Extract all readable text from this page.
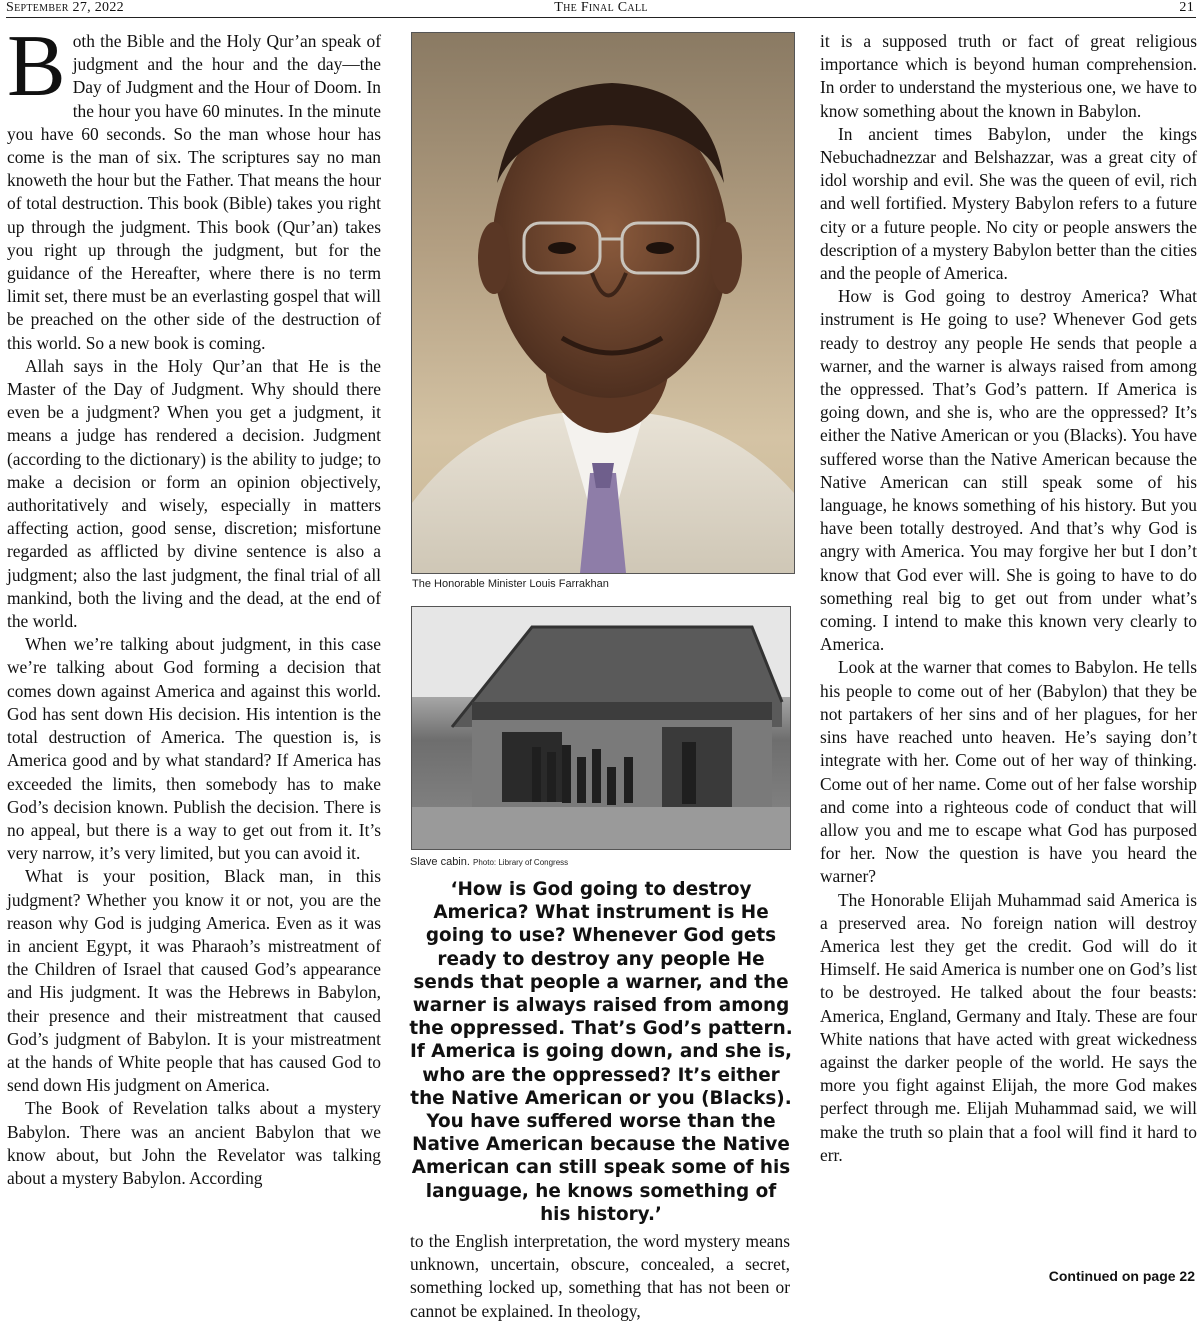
September 27, 2022	The Final Call	21

Both the Bible and the Holy Qur’an speak of judgment and the hour and the day—the Day of Judgment and the Hour of Doom. In the hour you have 60 minutes. In the minute you have 60 seconds. So the man whose hour has come is the man of six. The scriptures say no man knoweth the hour but the Father. That means the hour of total destruction. This book (Bible) takes you right up through the judgment. This book (Qur’an) takes you right up through the judgment, but for the guidance of the Hereafter, where there is no term limit set, there must be an everlasting gospel that will be preached on the other side of the destruction of this world. So a new book is coming.

Allah says in the Holy Qur’an that He is the Master of the Day of Judgment. Why should there even be a judgment? When you get a judgment, it means a judge has rendered a decision. Judgment (according to the dictionary) is the ability to judge; to make a decision or form an opinion objectively, authoritatively and wisely, especially in matters affecting action, good sense, discretion; misfortune regarded as afflicted by divine sentence is also a judgment; also the last judgment, the final trial of all mankind, both the living and the dead, at the end of the world.

When we’re talking about judgment, in this case we’re talking about God forming a decision that comes down against America and against this world. God has sent down His decision. His intention is the total destruction of America. The question is, is America good and by what standard? If America has exceeded the limits, then somebody has to make God’s decision known. Publish the decision. There is no appeal, but there is a way to get out from it. It’s very narrow, it’s very limited, but you can avoid it.

What is your position, Black man, in this judgment? Whether you know it or not, you are the reason why God is judging America. Even as it was in ancient Egypt, it was Pharaoh’s mistreatment of the Children of Israel that caused God’s appearance and His judgment. It was the Hebrews in Babylon, their presence and their mistreatment that caused God’s judgment of Babylon. It is your mistreatment at the hands of White people that has caused God to send down His judgment on America.

The Book of Revelation talks about a mystery Babylon. There was an ancient Babylon that we know about, but John the Revelator was talking about a mystery Babylon. According

The Honorable Minister Louis Farrakhan
Slave cabin. Photo: Library of Congress
‘How is God going to destroy America? What instrument is He going to use? Whenever God gets ready to destroy any people He sends that people a warner, and the warner is always raised from among the oppressed. That’s God’s pattern. If America is going down, and she is, who are the oppressed? It’s either the Native American or you (Blacks). You have suffered worse than the Native American because the Native American can still speak some of his language, he knows something of his history.’

to the English interpretation, the word mystery means unknown, uncertain, obscure, concealed, a secret, something locked up, something that has not been or cannot be explained. In theology,

it is a supposed truth or fact of great religious importance which is beyond human comprehension. In order to understand the mysterious one, we have to know something about the known in Babylon.

In ancient times Babylon, under the kings Nebuchadnezzar and Belshazzar, was a great city of idol worship and evil. She was the queen of evil, rich and well fortified. Mystery Babylon refers to a future city or a future people. No city or people answers the description of a mystery Babylon better than the cities and the people of America.

How is God going to destroy America? What instrument is He going to use? Whenever God gets ready to destroy any people He sends that people a warner, and the warner is always raised from among the oppressed. That’s God’s pattern. If America is going down, and she is, who are the oppressed? It’s either the Native American or you (Blacks). You have suffered worse than the Native American because the Native American can still speak some of his language, he knows something of his history. But you have been totally destroyed. And that’s why God is angry with America. You may forgive her but I don’t know that God ever will. She is going to have to do something real big to get out from under what’s coming. I intend to make this known very clearly to America.

Look at the warner that comes to Babylon. He tells his people to come out of her (Babylon) that they be not partakers of her sins and of her plagues, for her sins have reached unto heaven. He’s saying don’t integrate with her. Come out of her way of thinking. Come out of her name. Come out of her false worship and come into a righteous code of conduct that will allow you and me to escape what God has purposed for her. Now the question is have you heard the warner?

The Honorable Elijah Muhammad said America is a preserved area. No foreign nation will destroy America lest they get the credit. God will do it Himself. He said America is number one on God’s list to be destroyed. He talked about the four beasts: America, England, Germany and Italy. These are four White nations that have acted with great wickedness against the darker people of the world. He says the more you fight against Elijah, the more God makes perfect through me. Elijah Muhammad said, we will make the truth so plain that a fool will find it hard to err.

Continued on page 22
